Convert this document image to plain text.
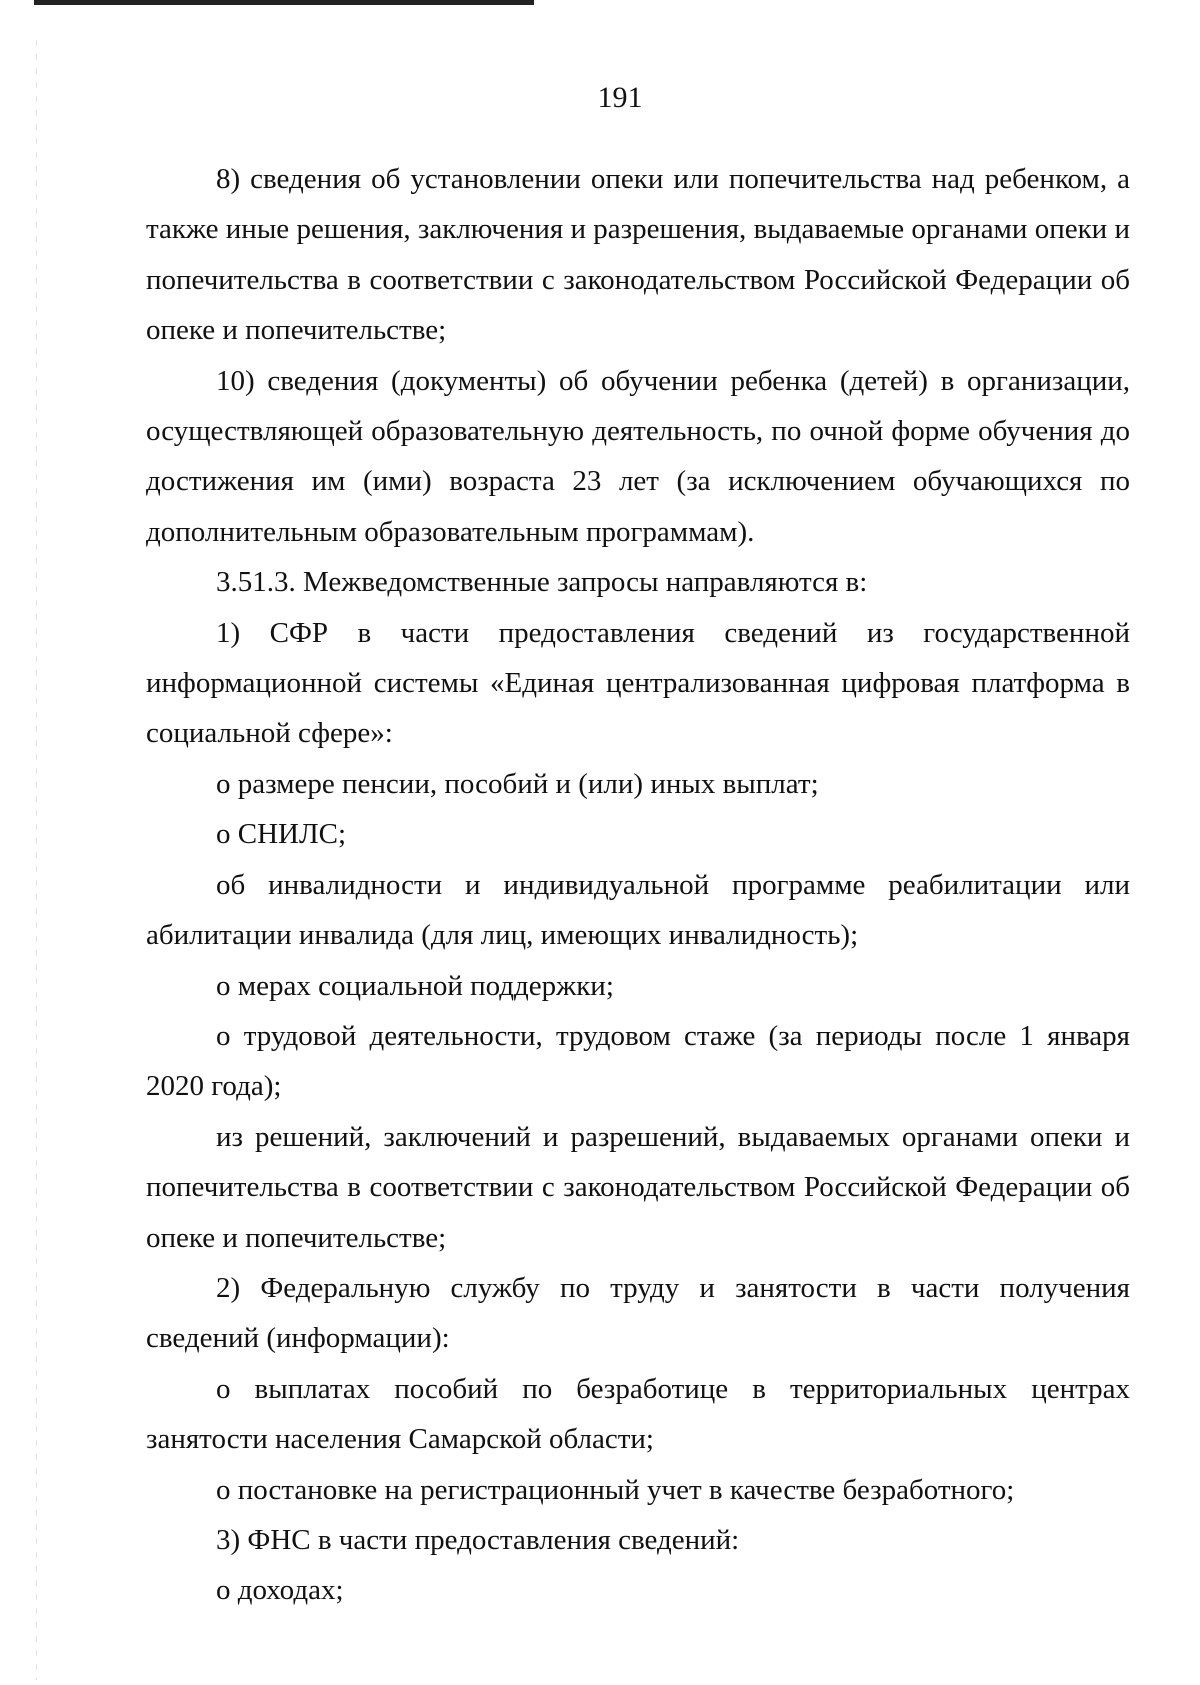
191

8) сведения об установлении опеки или попечительства над ребенком, а также иные решения, заключения и разрешения, выдаваемые органами опеки и попечительства в соответствии с законодательством Российской Федерации об опеке и попечительстве;

10) сведения (документы) об обучении ребенка (детей) в организации, осуществляющей образовательную деятельность, по очной форме обучения до достижения им (ими) возраста 23 лет (за исключением обучающихся по дополнительным образовательным программам).

3.51.3. Межведомственные запросы направляются в:

1) СФР в части предоставления сведений из государственной информационной системы «Единая централизованная цифровая платформа в социальной сфере»:

о размере пенсии, пособий и (или) иных выплат;

о СНИЛС;

об инвалидности и индивидуальной программе реабилитации или абилитации инвалида (для лиц, имеющих инвалидность);

о мерах социальной поддержки;

о трудовой деятельности, трудовом стаже (за периоды после 1 января 2020 года);

из решений, заключений и разрешений, выдаваемых органами опеки и попечительства в соответствии с законодательством Российской Федерации об опеке и попечительстве;

2) Федеральную службу по труду и занятости в части получения сведений (информации):

о выплатах пособий по безработице в территориальных центрах занятости населения Самарской области;

о постановке на регистрационный учет в качестве безработного;

3) ФНС в части предоставления сведений:

о доходах;
